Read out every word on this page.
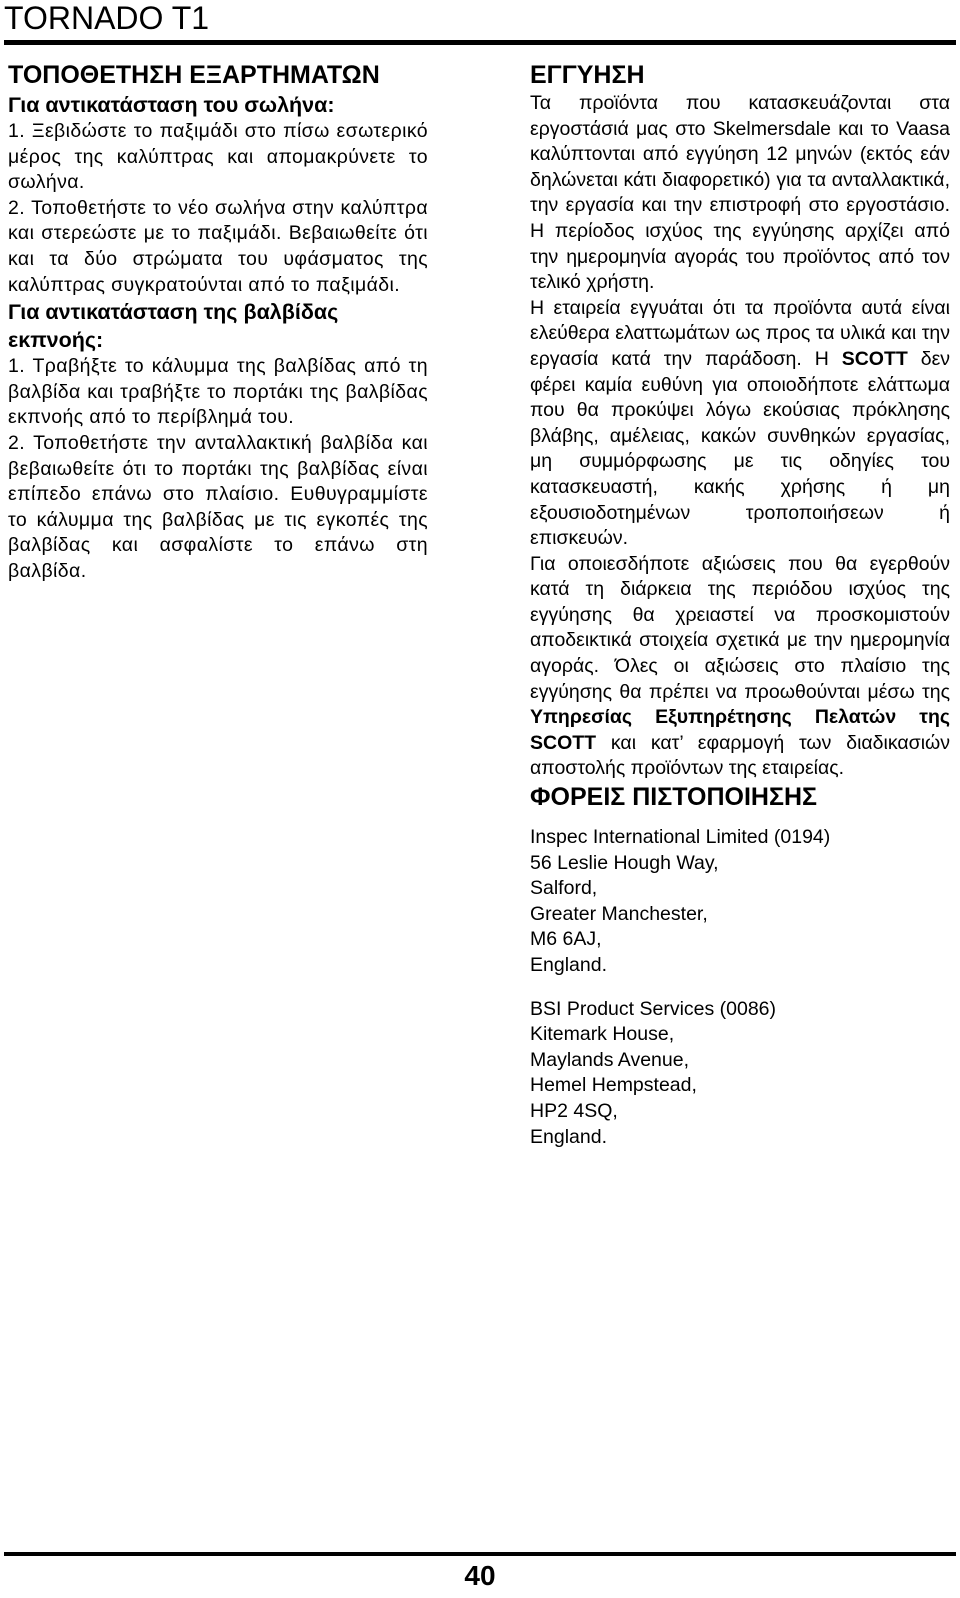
TORNADO T1
ΤΟΠΟΘΕΤΗΣΗ ΕΞΑΡΤΗΜΑΤΩΝ
Για αντικατάσταση του σωλήνα:

1. Ξεβιδώστε το παξιμάδι στο πίσω εσωτερικό μέρος της καλύπτρας και απομακρύνετε το σωλήνα.

2. Τοποθετήστε το νέο σωλήνα στην καλύπτρα και στερεώστε με το παξιμάδι. Βεβαιωθείτε ότι και τα δύο στρώματα του υφάσματος της καλύπτρας συγκρατούνται από το παξιμάδι.

Για αντικατάσταση της βαλβίδας εκπνοής:

1. Τραβήξτε το κάλυμμα της βαλβίδας από τη βαλβίδα και τραβήξτε το πορτάκι της βαλβίδας εκπνοής από το περίβλημά του.

2. Τοποθετήστε την ανταλλακτική βαλβίδα και βεβαιωθείτε ότι το πορτάκι της βαλβίδας είναι επίπεδο επάνω στο πλαίσιο. Ευθυγραμμίστε το κάλυμμα της βαλβίδας με τις εγκοπές της βαλβίδας και ασφαλίστε το επάνω στη βαλβίδα.

ΕΓΓΥΗΣΗ

Τα προϊόντα που κατασκευάζονται στα εργοστάσιά μας στο Skelmersdale και το Vaasa καλύπτονται από εγγύηση 12 μηνών (εκτός εάν δηλώνεται κάτι διαφορετικό) για τα ανταλλακτικά, την εργασία και την επιστροφή στο εργοστάσιο. Η περίοδος ισχύος της εγγύησης αρχίζει από την ημερομηνία αγοράς του προϊόντος από τον τελικό χρήστη.

Η εταιρεία εγγυάται ότι τα προϊόντα αυτά είναι ελεύθερα ελαττωμάτων ως προς τα υλικά και την εργασία κατά την παράδοση. Η SCOTT δεν φέρει καμία ευθύνη για οποιοδήποτε ελάττωμα που θα προκύψει λόγω εκούσιας πρόκλησης βλάβης, αμέλειας, κακών συνθηκών εργασίας, μη συμμόρφωσης με τις οδηγίες του κατασκευαστή, κακής χρήσης ή μη εξουσιοδοτημένων τροποποιήσεων ή επισκευών.

Για οποιεσδήποτε αξιώσεις που θα εγερθούν κατά τη διάρκεια της περιόδου ισχύος της εγγύησης θα χρειαστεί να προσκομιστούν αποδεικτικά στοιχεία σχετικά με την ημερομηνία αγοράς. Όλες οι αξιώσεις στο πλαίσιο της εγγύησης θα πρέπει να προωθούνται μέσω της Υπηρεσίας Εξυπηρέτησης Πελατών της SCOTT και κατ’ εφαρμογή των διαδικασιών αποστολής προϊόντων της εταιρείας.

ΦΟΡΕΙΣ ΠΙΣΤΟΠΟΙΗΣΗΣ
Inspec International Limited (0194)
56 Leslie Hough Way,
Salford,
Greater Manchester,
M6 6AJ,
England.
BSI Product Services (0086)
Kitemark House,
Maylands Avenue,
Hemel Hempstead,
HP2 4SQ,
England.
40
